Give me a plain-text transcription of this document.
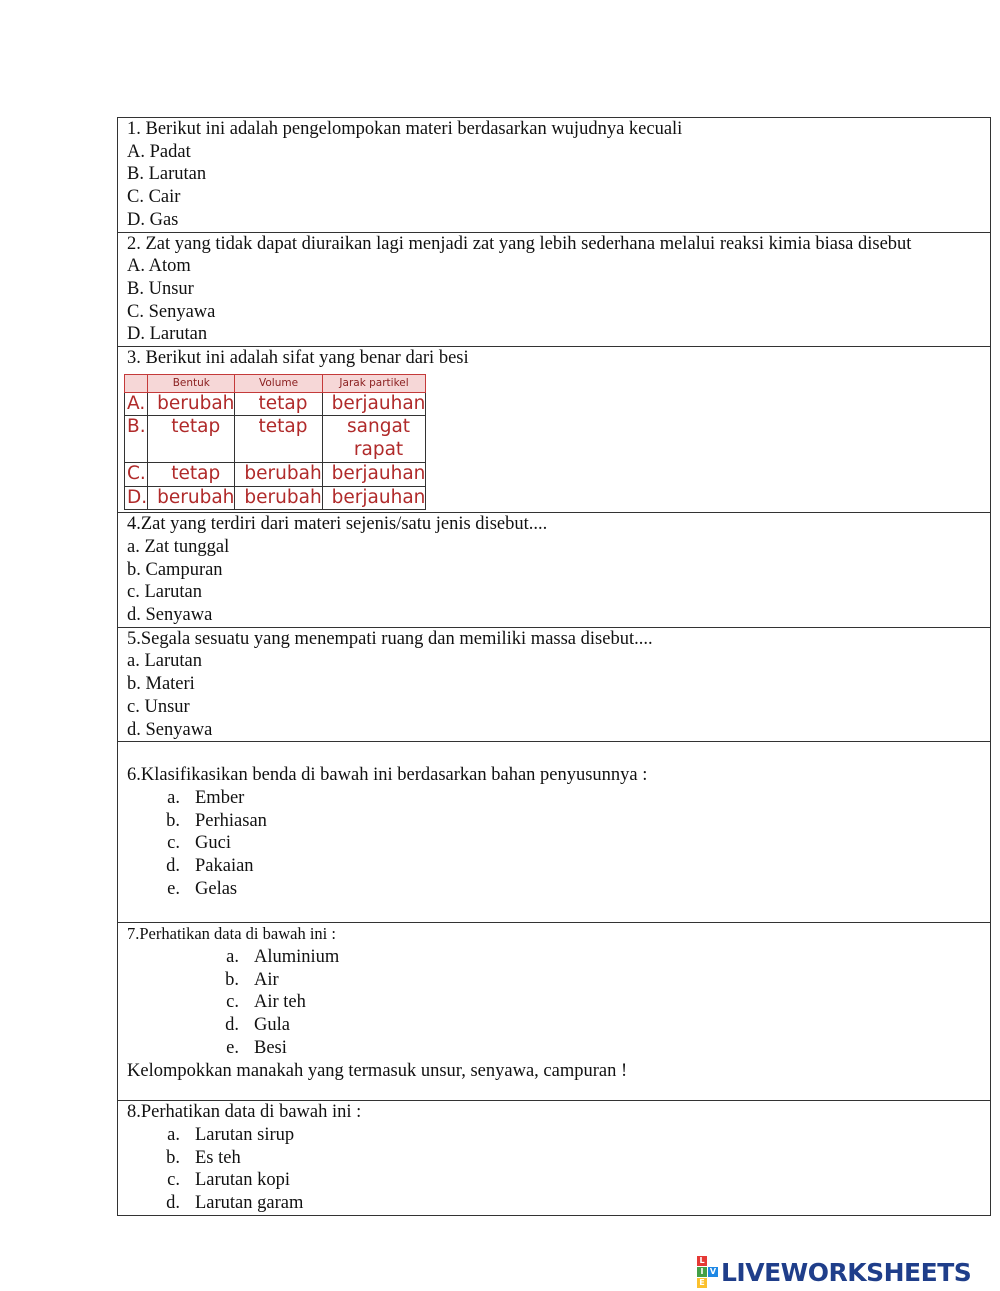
1. Berikut ini adalah pengelompokan materi berdasarkan wujudnya kecuali
A. Padat
B. Larutan
C. Cair
D. Gas

2. Zat yang tidak dapat diuraikan lagi menjadi zat yang lebih sederhana melalui reaksi kimia biasa disebut
A. Atom
B. Unsur
C. Senyawa
D. Larutan

3. Berikut ini adalah sifat yang benar dari besi
	Bentuk	Volume	Jarak partikel
A.	berubah	tetap	berjauhan
B.	tetap	tetap	sangat rapat
C.	tetap	berubah	berjauhan
D.	berubah	berubah	berjauhan

4.Zat yang terdiri dari materi sejenis/satu jenis disebut....
a. Zat tunggal
b. Campuran
c. Larutan
d. Senyawa

5.Segala sesuatu yang menempati ruang dan memiliki massa disebut....
a. Larutan
b. Materi
c. Unsur
d. Senyawa

6.Klasifikasikan benda di bawah ini berdasarkan bahan penyusunnya :
a. Ember
b. Perhiasan
c. Guci
d. Pakaian
e. Gelas

7.Perhatikan data di bawah ini :
a. Aluminium
b. Air
c. Air teh
d. Gula
e. Besi
Kelompokkan manakah yang termasuk unsur, senyawa, campuran !

8.Perhatikan data di bawah ini :
a. Larutan sirup
b. Es teh
c. Larutan kopi
d. Larutan garam
L
I V
E LIVEWORKSHEETS
